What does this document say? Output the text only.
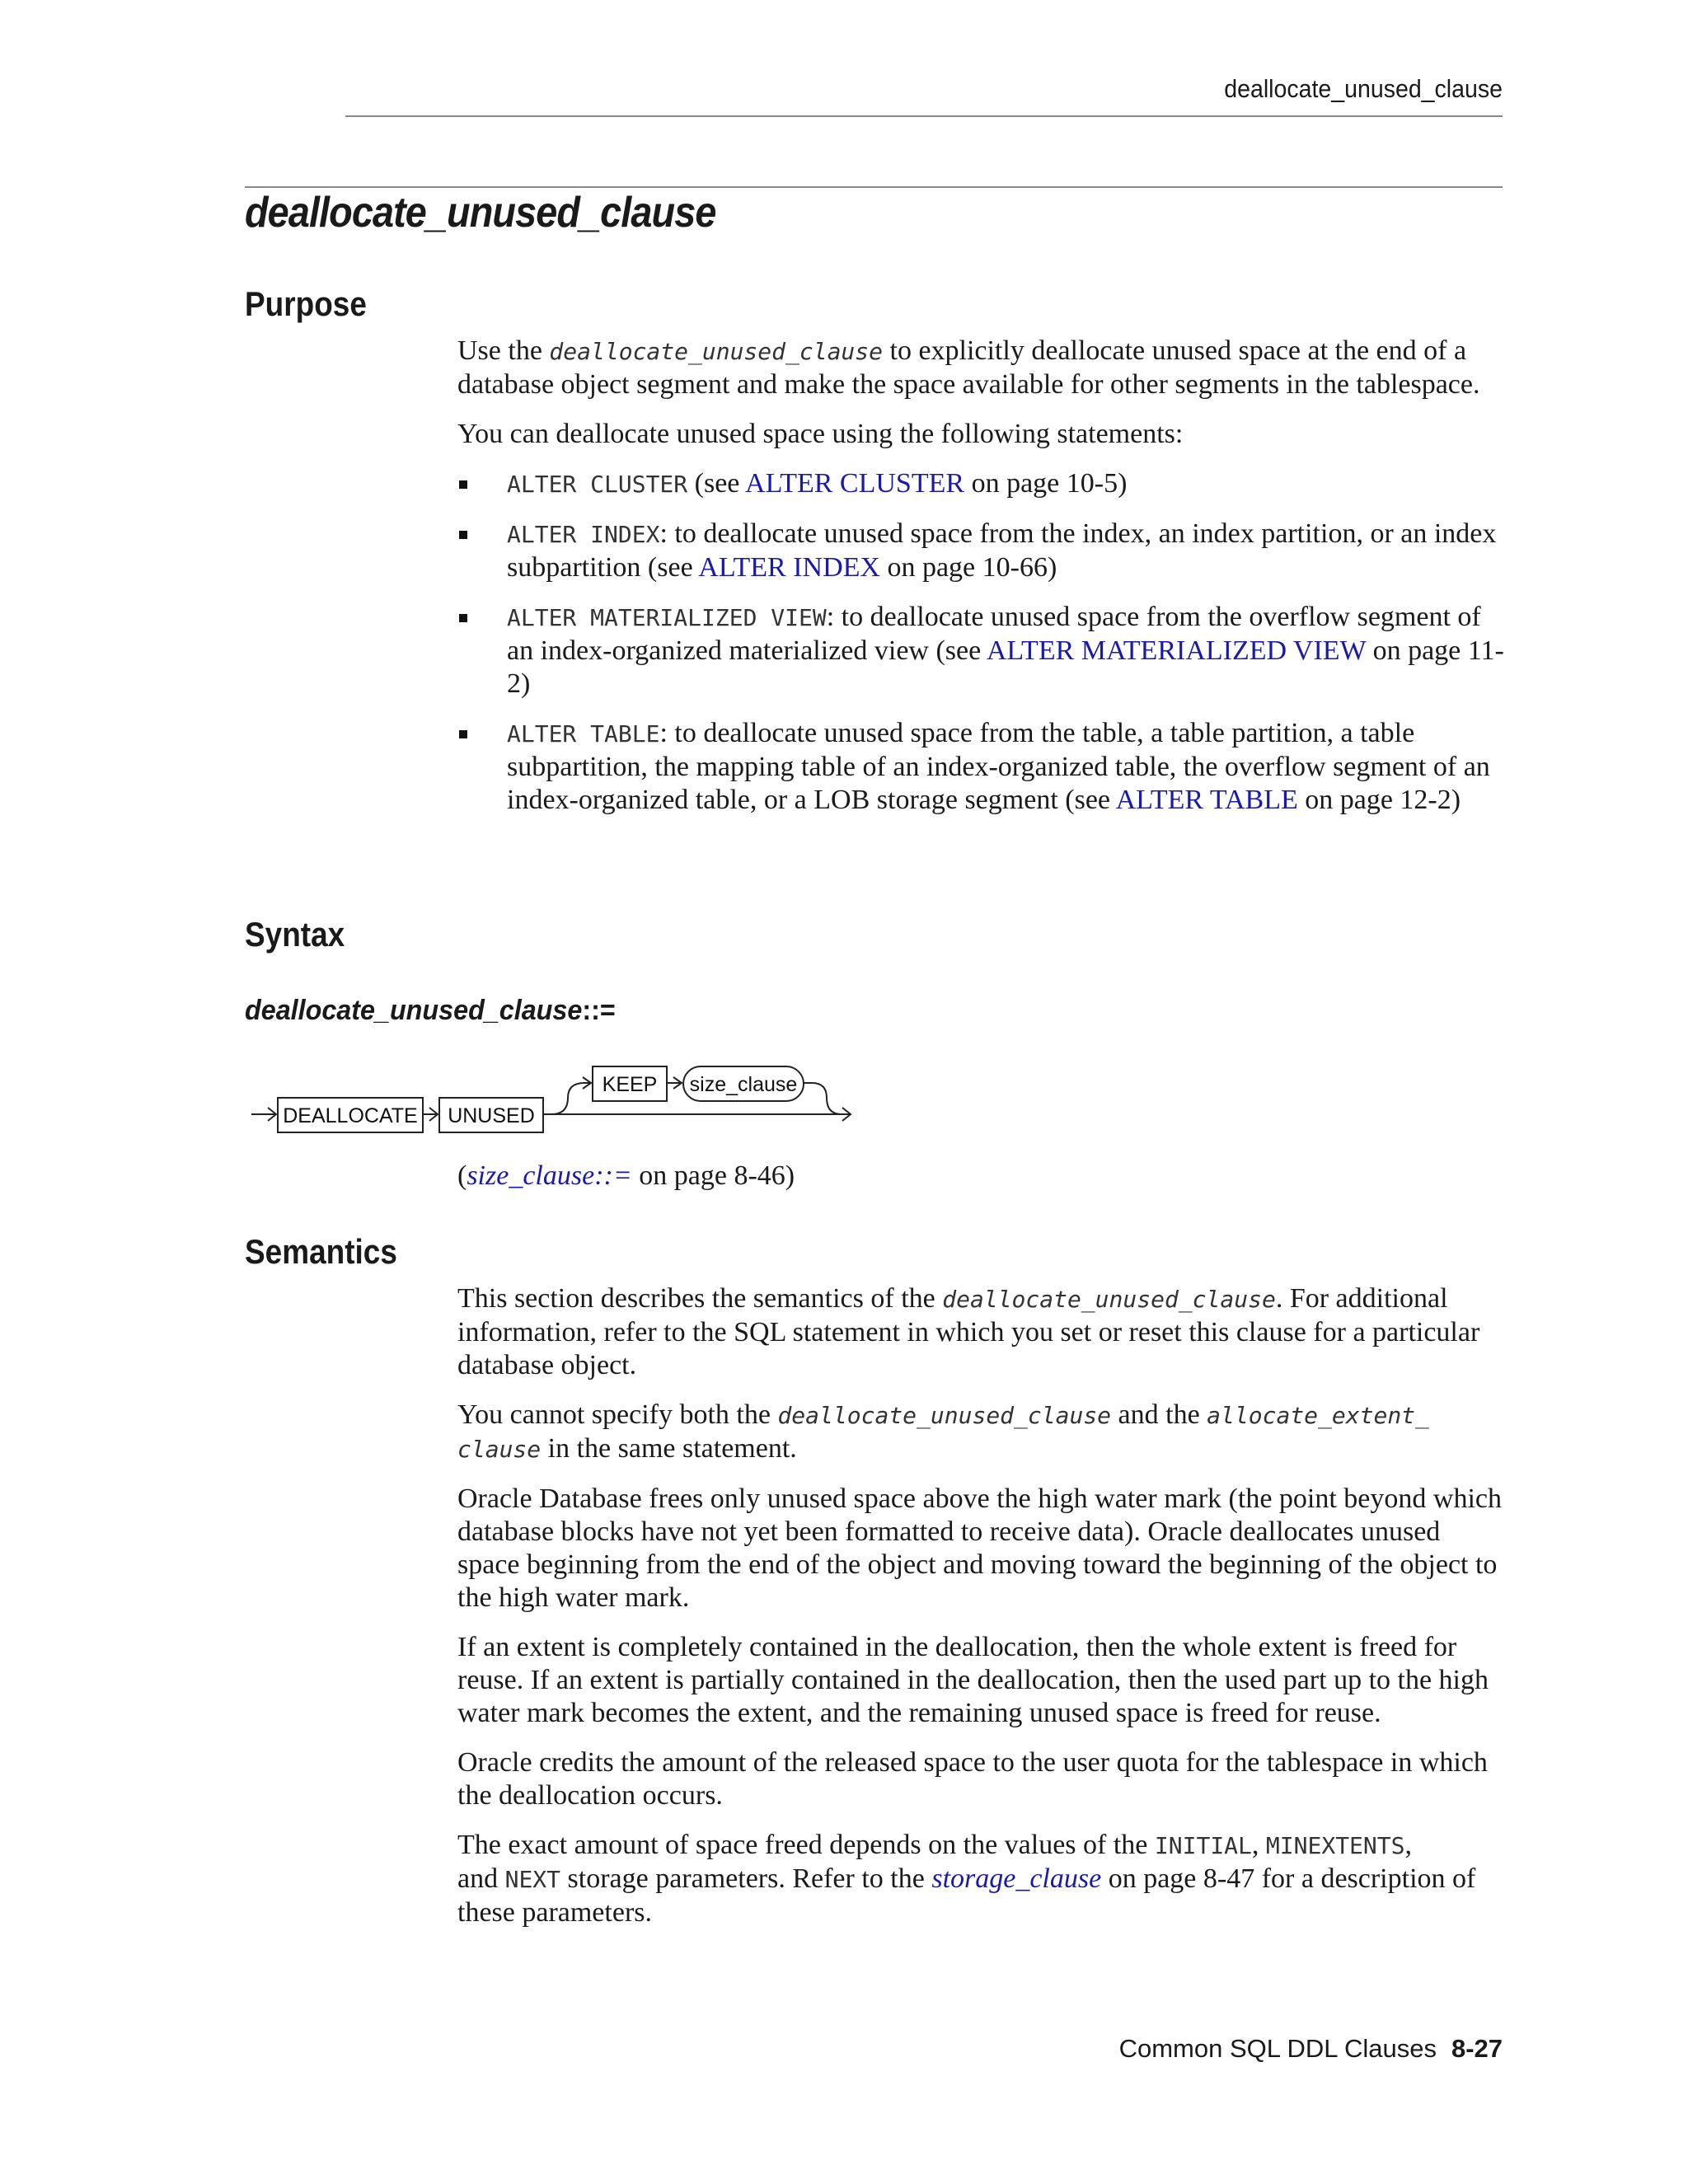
deallocate_unused_clause
deallocate_unused_clause
Purpose

Use the deallocate_unused_clause to explicitly deallocate unused space at the end of a database object segment and make the space available for other segments in the tablespace.

You can deallocate unused space using the following statements:

ALTER CLUSTER (see ALTER CLUSTER on page 10-5)
ALTER INDEX: to deallocate unused space from the index, an index partition, or an index subpartition (see ALTER INDEX on page 10-66)
ALTER MATERIALIZED VIEW: to deallocate unused space from the overflow segment of an index-organized materialized view (see ALTER MATERIALIZED VIEW on page 11-2)
ALTER TABLE: to deallocate unused space from the table, a table partition, a table subpartition, the mapping table of an index-organized table, the overflow segment of an index-organized table, or a LOB storage segment (see ALTER TABLE on page 12-2)
Syntax
deallocate_unused_clause::=
DEALLOCATE UNUSED
KEEP size_clause
(size_clause::= on page 8-46)
Semantics

This section describes the semantics of the deallocate_unused_clause. For additional information, refer to the SQL statement in which you set or reset this clause for a particular database object.

You cannot specify both the deallocate_unused_clause and the allocate_extent_
clause in the same statement.

Oracle Database frees only unused space above the high water mark (the point beyond which database blocks have not yet been formatted to receive data). Oracle deallocates unused space beginning from the end of the object and moving toward the beginning of the object to the high water mark.

If an extent is completely contained in the deallocation, then the whole extent is freed for reuse. If an extent is partially contained in the deallocation, then the used part up to the high water mark becomes the extent, and the remaining unused space is freed for reuse.

Oracle credits the amount of the released space to the user quota for the tablespace in which the deallocation occurs.

The exact amount of space freed depends on the values of the INITIAL, MINEXTENTS,
and NEXT storage parameters. Refer to the storage_clause on page 8-47 for a description of these parameters.

Common SQL DDL Clauses 8-27
